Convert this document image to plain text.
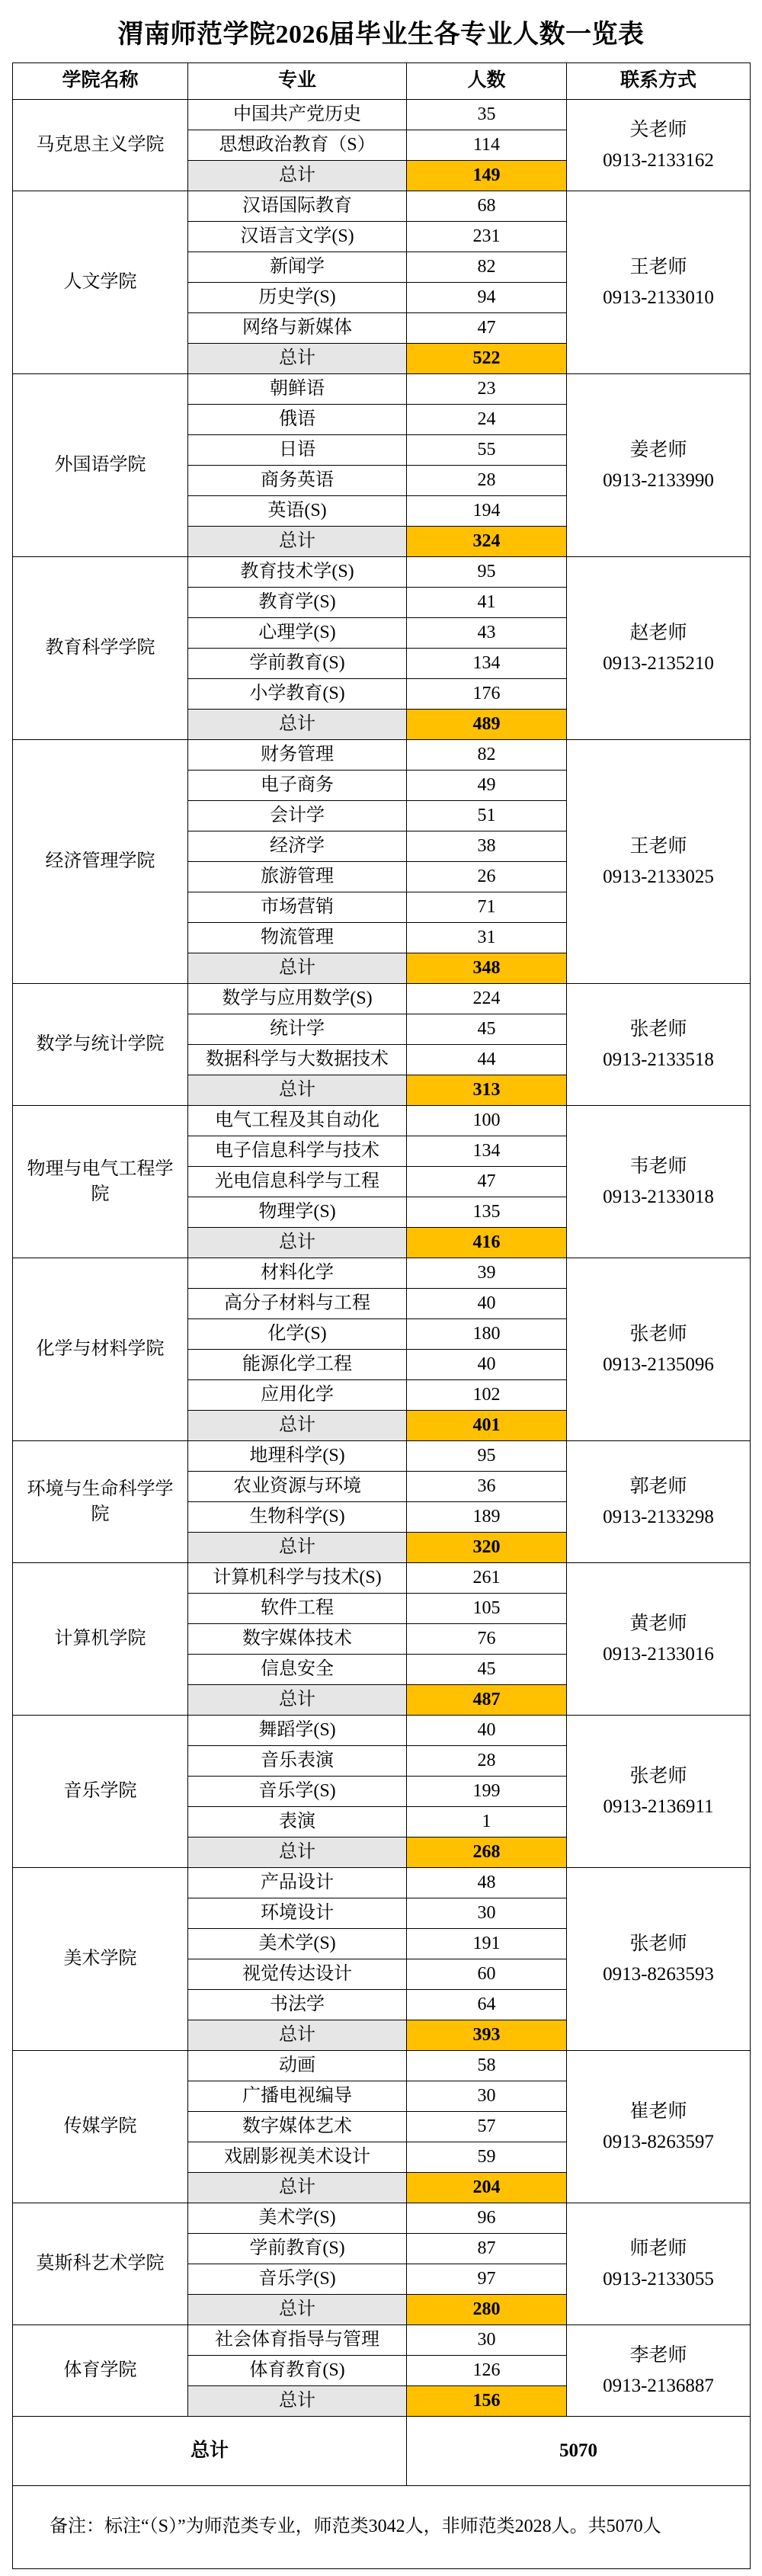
渭南师范学院2026届毕业生各专业人数一览表
学院名称	专业	人数	联系方式
马克思主义学院
中国共产党历史	35
思想政治教育（S）	114
总计	149
关老师
0913-2133162
人文学院
汉语国际教育	68
汉语言文学(S)	231
新闻学	82
历史学(S)	94
网络与新媒体	47
总计	522
王老师
0913-2133010
外国语学院
朝鲜语	23
俄语	24
日语	55
商务英语	28
英语(S)	194
总计	324
姜老师
0913-2133990
教育科学学院
教育技术学(S)	95
教育学(S)	41
心理学(S)	43
学前教育(S)	134
小学教育(S)	176
总计	489
赵老师
0913-2135210
经济管理学院
财务管理	82
电子商务	49
会计学	51
经济学	38
旅游管理	26
市场营销	71
物流管理	31
总计	348
王老师
0913-2133025
数学与统计学院
数学与应用数学(S)	224
统计学	45
数据科学与大数据技术	44
总计	313
张老师
0913-2133518
物理与电气工程学院
电气工程及其自动化	100
电子信息科学与技术	134
光电信息科学与工程	47
物理学(S)	135
总计	416
韦老师
0913-2133018
化学与材料学院
材料化学	39
高分子材料与工程	40
化学(S)	180
能源化学工程	40
应用化学	102
总计	401
张老师
0913-2135096
环境与生命科学学院
地理科学(S)	95
农业资源与环境	36
生物科学(S)	189
总计	320
郭老师
0913-2133298
计算机学院
计算机科学与技术(S)	261
软件工程	105
数字媒体技术	76
信息安全	45
总计	487
黄老师
0913-2133016
音乐学院
舞蹈学(S)	40
音乐表演	28
音乐学(S)	199
表演	1
总计	268
张老师
0913-2136911
美术学院
产品设计	48
环境设计	30
美术学(S)	191
视觉传达设计	60
书法学	64
总计	393
张老师
0913-8263593
传媒学院
动画	58
广播电视编导	30
数字媒体艺术	57
戏剧影视美术设计	59
总计	204
崔老师
0913-8263597
莫斯科艺术学院
美术学(S)	96
学前教育(S)	87
音乐学(S)	97
总计	280
师老师
0913-2133055
体育学院
社会体育指导与管理	30
体育教育(S)	126
总计	156
李老师
0913-2136887
总计	5070
备注：标注“（S）”为师范类专业，师范类3042人，非师范类2028人。共5070人
